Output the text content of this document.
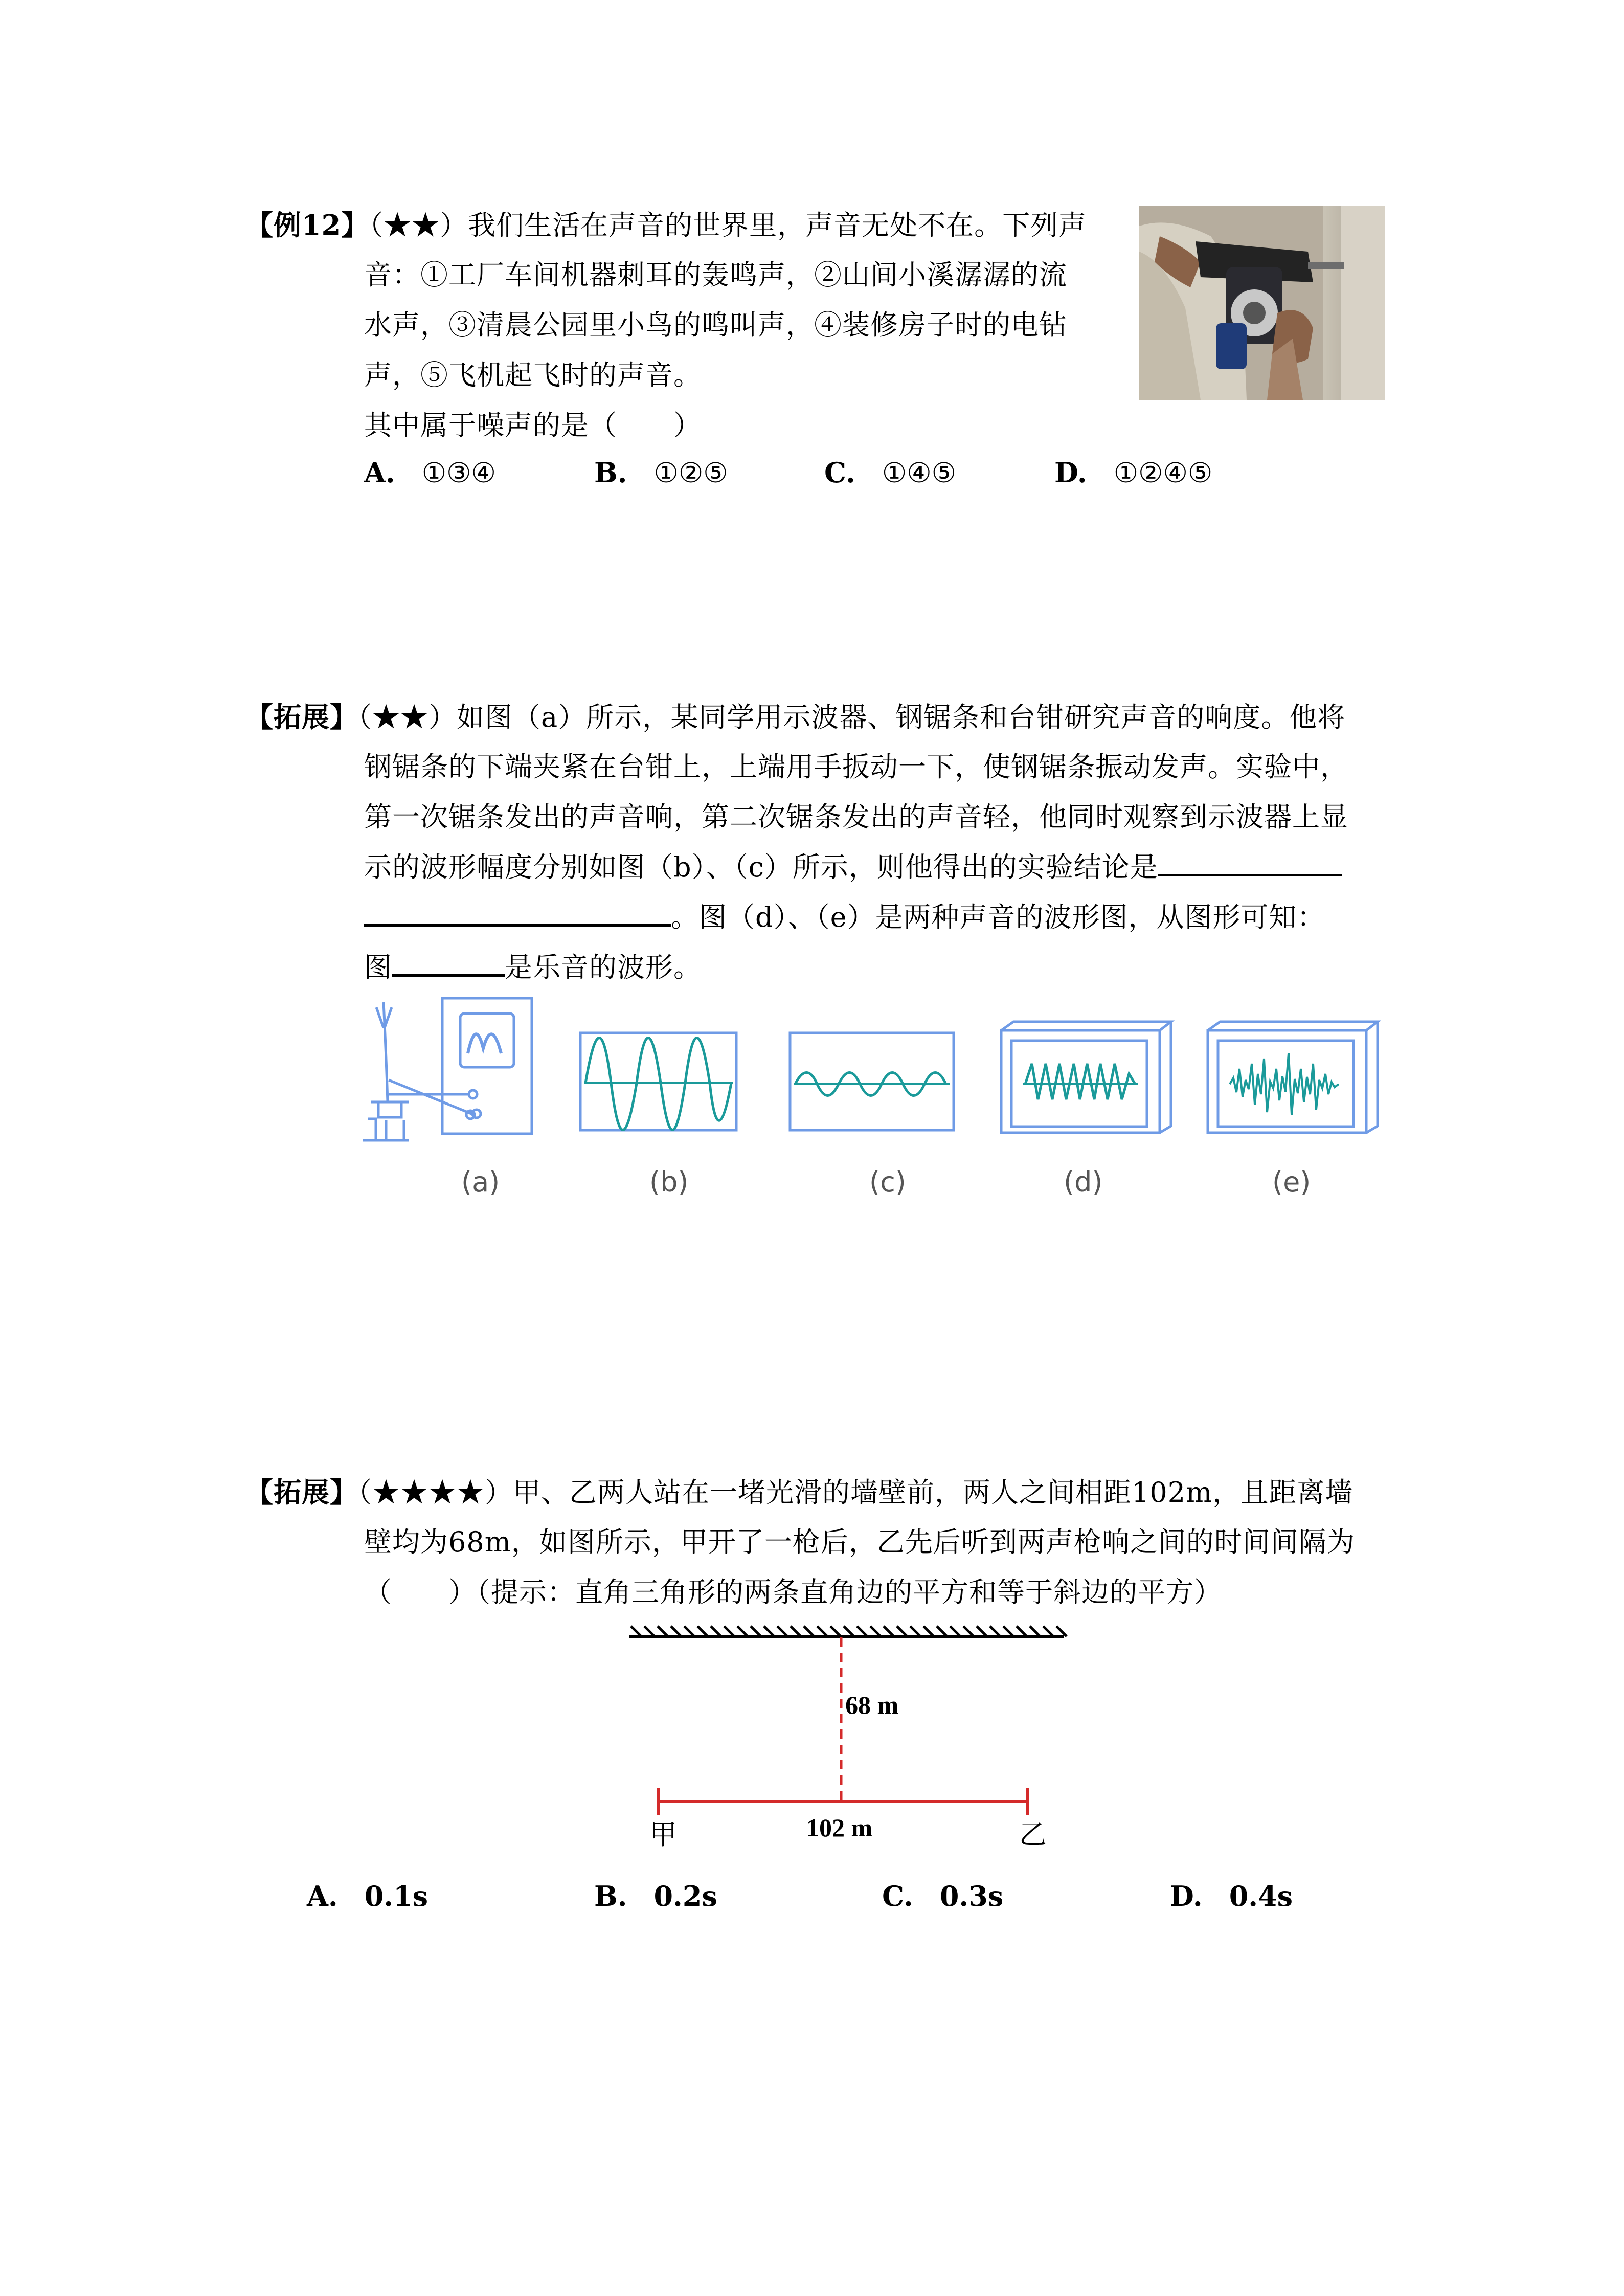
【例12】（★★）我们生活在声音的世界里，声音无处不在。下列声
音：①工厂车间机器刺耳的轰鸣声，②山间小溪潺潺的流
水声，③清晨公园里小鸟的鸣叫声，④装修房子时的电钻
声，⑤飞机起飞时的声音。
其中属于噪声的是（　　）
A. ①③④	B. ①②⑤	C. ①④⑤	D. ①②④⑤
【拓展】（★★）如图（a）所示，某同学用示波器、钢锯条和台钳研究声音的响度。他将
钢锯条的下端夹紧在台钳上，上端用手扳动一下，使钢锯条振动发声。实验中，
第一次锯条发出的声音响，第二次锯条发出的声音轻，他同时观察到示波器上显
示的波形幅度分别如图（b）、（c）所示，则他得出的实验结论是
。图（d）、（e）是两种声音的波形图，从图形可知：
图	是乐音的波形。
(a)	(b)	(c)	(d)	(e)
【拓展】（★★★★）甲、乙两人站在一堵光滑的墙壁前，两人之间相距102m，且距离墙
壁均为68m，如图所示，甲开了一枪后，乙先后听到两声枪响之间的时间间隔为
（　　）（提示：直角三角形的两条直角边的平方和等于斜边的平方）
68 m
102 m
甲	乙
A. 0.1s	B. 0.2s	C. 0.3s	D. 0.4s
